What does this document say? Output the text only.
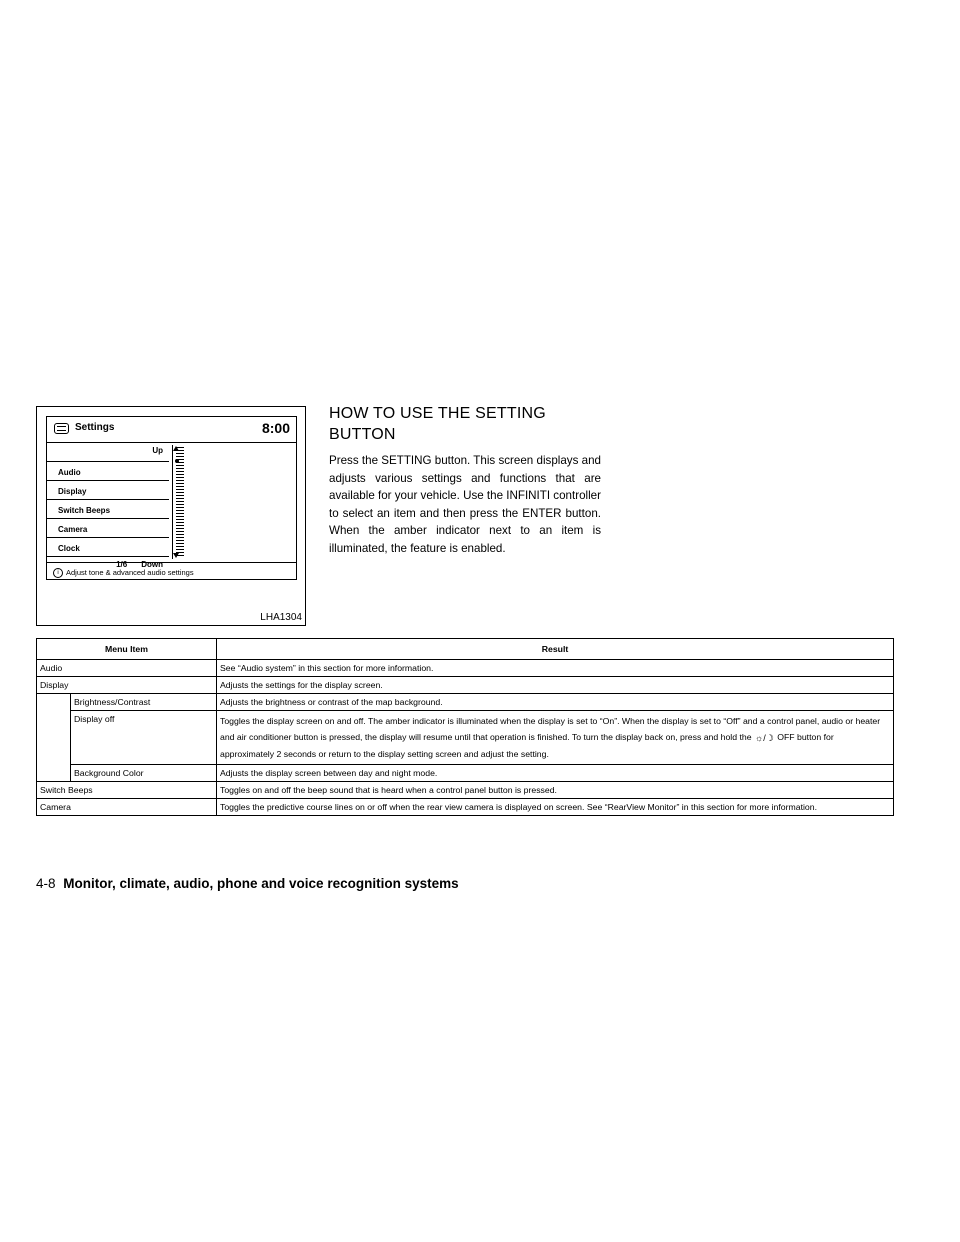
Settings	8:00
Up
Audio
Display
Switch Beeps
Camera
Clock
1/6 Down
i Adjust tone & advanced audio settings
LHA1304
HOW TO USE THE SETTING BUTTON
Press the SETTING button. This screen displays and adjusts various settings and functions that are available for your vehicle. Use the INFINITI controller to select an item and then press the ENTER button. When the amber indicator next to an item is illuminated, the feature is enabled.
Menu Item		Result
Audio		See “Audio system” in this section for more information.
Display		Adjusts the settings for the display screen.
	Brightness/Contrast	Adjusts the brightness or contrast of the map background.
	Display off	Toggles the display screen on and off. The amber indicator is illuminated when the display is set to “On”. When the display is set to “Off” and a control panel, audio or heater and air conditioner button is pressed, the display will resume until that operation is finished. To turn the display back on, press and hold the ☼/☽ OFF button for approximately 2 seconds or return to the display setting screen and adjust the setting.
	Background Color	Adjusts the display screen between day and night mode.
Switch Beeps		Toggles on and off the beep sound that is heard when a control panel button is pressed.
Camera		Toggles the predictive course lines on or off when the rear view camera is displayed on screen. See “RearView Monitor” in this section for more information.
4-8 Monitor, climate, audio, phone and voice recognition systems
